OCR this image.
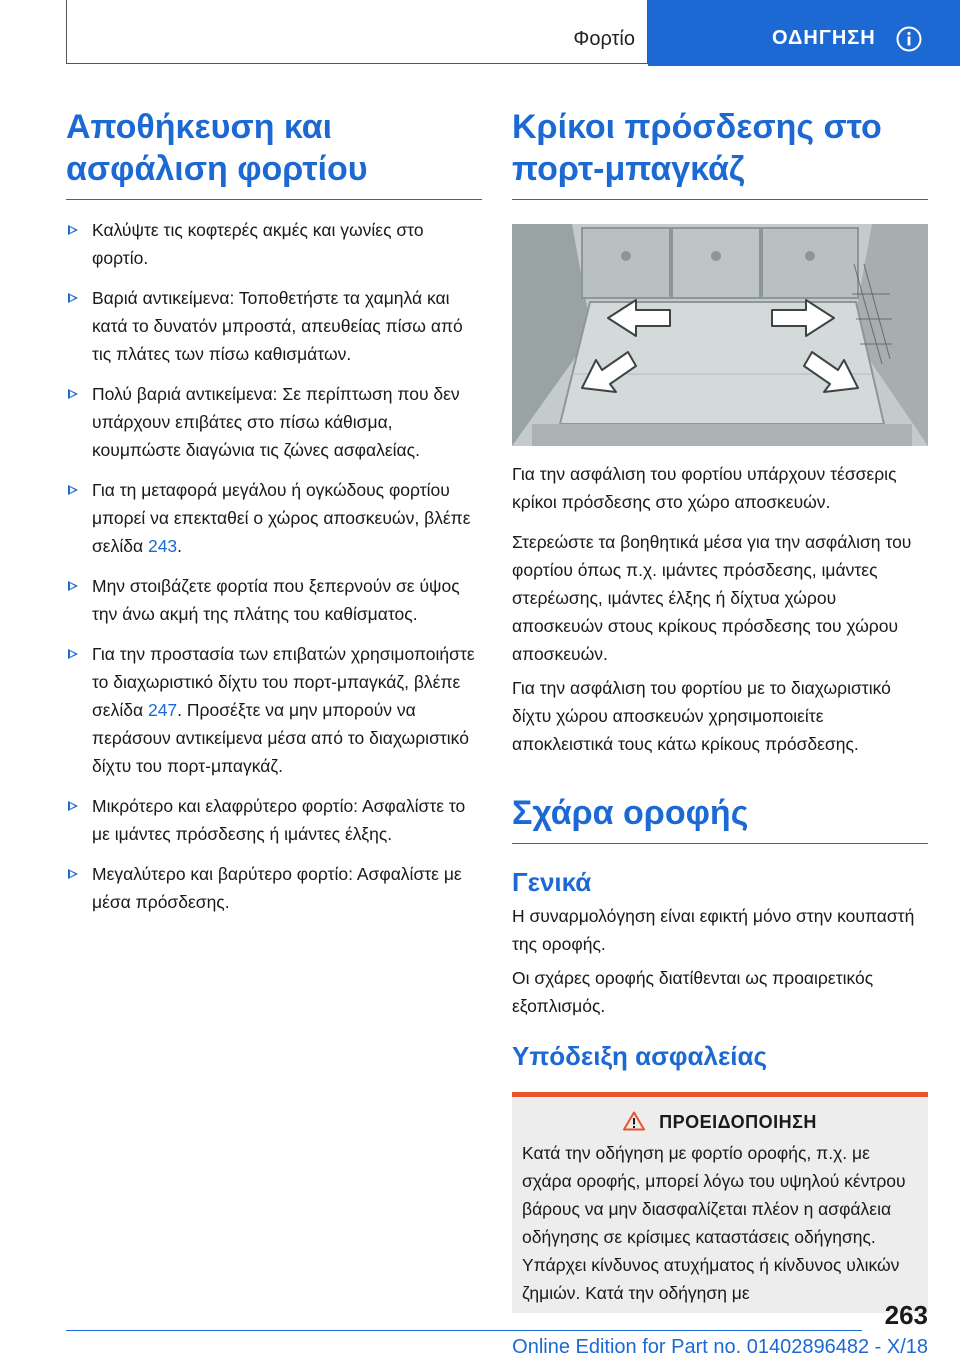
Φορτίο	ΟΔΗΓΗΣΗ
Αποθήκευση και ασφάλιση φορτίου
Καλύψτε τις κοφτερές ακμές και γωνίες στο φορτίο.
Βαριά αντικείμενα: Τοποθετήστε τα χαμηλά και κατά το δυνατόν μπροστά, απευθείας πίσω από τις πλάτες των πίσω καθισμάτων.
Πολύ βαριά αντικείμενα: Σε περίπτωση που δεν υπάρχουν επιβάτες στο πίσω κάθισμα, κουμπώστε διαγώνια τις ζώνες ασφαλείας.
Για τη μεταφορά μεγάλου ή ογκώδους φορτίου μπορεί να επεκταθεί ο χώρος αποσκευών, βλέπε σελίδα 243.
Μην στοιβάζετε φορτία που ξεπερνούν σε ύψος την άνω ακμή της πλάτης του καθίσματος.
Για την προστασία των επιβατών χρησιμοποιήστε το διαχωριστικό δίχτυ του πορτ-μπαγκάζ, βλέπε σελίδα 247. Προσέξτε να μην μπορούν να περάσουν αντικείμενα μέσα από το διαχωριστικό δίχτυ του πορτ-μπαγκάζ.
Μικρότερο και ελαφρύτερο φορτίο: Ασφαλίστε το με ιμάντες πρόσδεσης ή ιμάντες έλξης.
Μεγαλύτερο και βαρύτερο φορτίο: Ασφαλίστε με μέσα πρόσδεσης.
Κρίκοι πρόσδεσης στο πορτ-μπαγκάζ

Για την ασφάλιση του φορτίου υπάρχουν τέσσερις κρίκοι πρόσδεσης στο χώρο αποσκευών.

Στερεώστε τα βοηθητικά μέσα για την ασφάλιση του φορτίου όπως π.χ. ιμάντες πρόσδεσης, ιμάντες στερέωσης, ιμάντες έλξης ή δίχτυα χώρου αποσκευών στους κρίκους πρόσδεσης του χώρου αποσκευών.

Για την ασφάλιση του φορτίου με το διαχωριστικό δίχτυ χώρου αποσκευών χρησιμοποιείτε αποκλειστικά τους κάτω κρίκους πρόσδεσης.

Σχάρα οροφής
Γενικά

Η συναρμολόγηση είναι εφικτή μόνο στην κουπαστή της οροφής.

Οι σχάρες οροφής διατίθενται ως προαιρετικός εξοπλισμός.

Υπόδειξη ασφαλείας
ΠΡΟΕΙΔΟΠΟΙΗΣΗ

Κατά την οδήγηση με φορτίο οροφής, π.χ. με σχάρα οροφής, μπορεί λόγω του υψηλού κέντρου βάρους να μην διασφαλίζεται πλέον η ασφάλεια οδήγησης σε κρίσιμες καταστάσεις οδήγησης. Υπάρχει κίνδυνος ατυχήματος ή κίνδυνος υλικών ζημιών. Κατά την οδήγηση με

263
Online Edition for Part no. 01402896482 - X/18
